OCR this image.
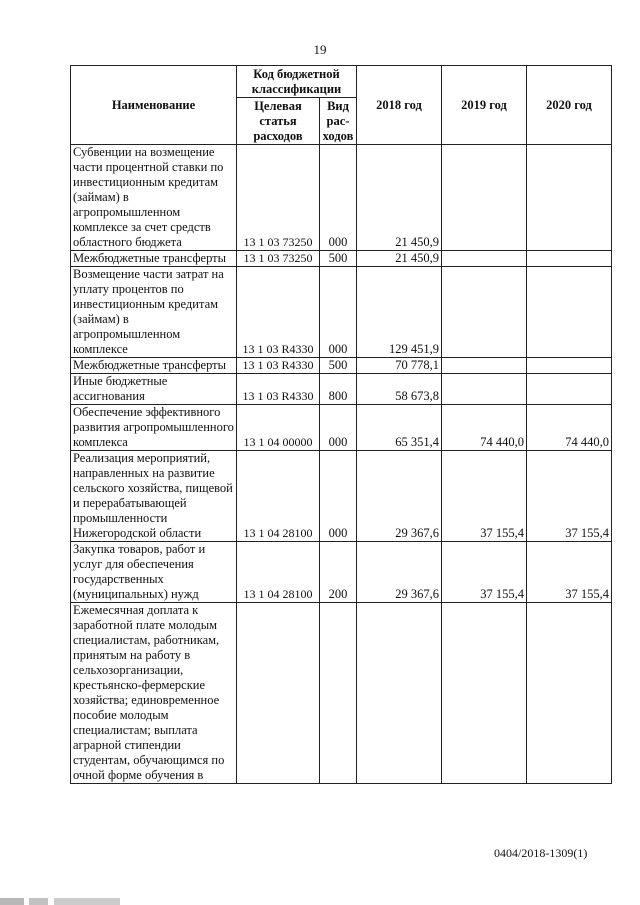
19
Наименование	Код бюджетной классификации		2018 год	2019 год	2020 год
	Целевая статья расходов	Вид рас- ходов			
Субвенции на возмещение части процентной ставки по инвестиционным кредитам (займам) в агропромышленном комплексе за счет средств областного бюджета	13 1 03 73250	000	21 450,9		
Межбюджетные трансферты	13 1 03 73250	500	21 450,9		
Возмещение части затрат на уплату процентов по инвестиционным кредитам (займам) в агропромышленном комплексе	13 1 03 R4330	000	129 451,9		
Межбюджетные трансферты	13 1 03 R4330	500	70 778,1		
Иные бюджетные ассигнования	13 1 03 R4330	800	58 673,8		
Обеспечение эффективного развития агропромышленного комплекса	13 1 04 00000	000	65 351,4	74 440,0	74 440,0
Реализация мероприятий, направленных на развитие сельского хозяйства, пищевой и перерабатывающей промышленности Нижегородской области	13 1 04 28100	000	29 367,6	37 155,4	37 155,4
Закупка товаров, работ и услуг для обеспечения государственных (муниципальных) нужд	13 1 04 28100	200	29 367,6	37 155,4	37 155,4
Ежемесячная доплата к заработной плате молодым специалистам, работникам, принятым на работу в сельхозорганизации, крестьянско-фермерские хозяйства; единовременное пособие молодым специалистам; выплата аграрной стипендии студентам, обучающимся по очной форме обучения в					
0404/2018-1309(1)
